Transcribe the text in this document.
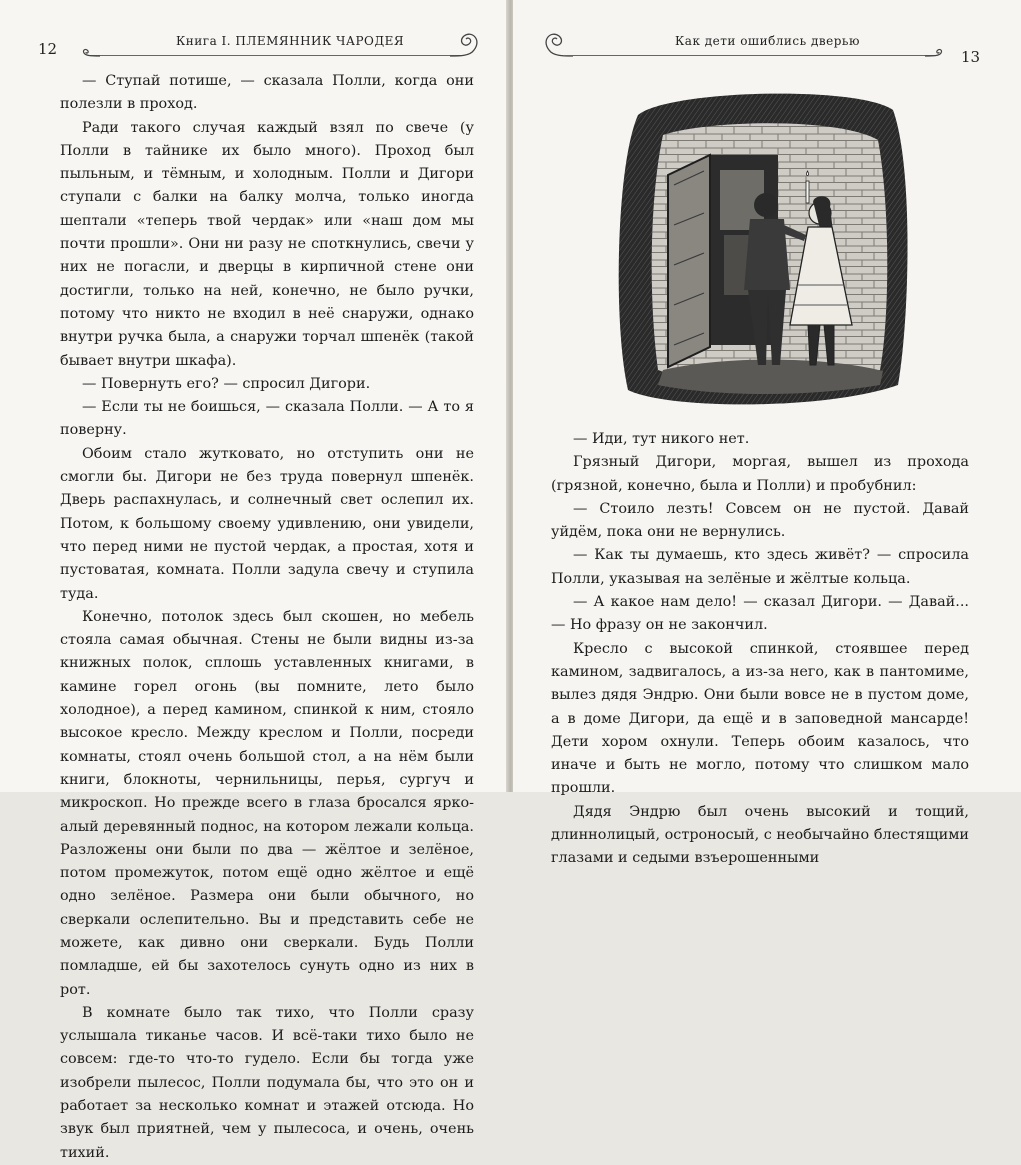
12	Книга I. ПЛЕМЯННИК ЧАРОДЕЯ

— Ступай потише, — сказала Полли, когда они полезли в проход.

Ради такого случая каждый взял по свече (у Полли в тайнике их было много). Проход был пыльным, и тёмным, и холодным. Полли и Дигори ступали с балки на балку молча, только иногда шептали «теперь твой чердак» или «наш дом мы почти прошли». Они ни разу не споткнулись, свечи у них не погасли, и дверцы в кирпичной стене они достигли, только на ней, конечно, не было ручки, потому что никто не входил в неё снаружи, однако внутри ручка была, а снаружи торчал шпенёк (такой бывает внутри шкафа).

— Повернуть его? — спросил Дигори.

— Если ты не боишься, — сказала Полли. — А то я поверну.

Обоим стало жутковато, но отступить они не смогли бы. Дигори не без труда повернул шпенёк. Дверь распахнулась, и солнечный свет ослепил их. Потом, к большому своему удивлению, они увидели, что перед ними не пустой чердак, а простая, хотя и пустоватая, комната. Полли задула свечу и ступила туда.

Конечно, потолок здесь был скошен, но мебель стояла самая обычная. Стены не были видны из-за книжных полок, сплошь уставленных книгами, в камине горел огонь (вы помните, лето было холодное), а перед камином, спинкой к ним, стояло высокое кресло. Между креслом и Полли, посреди комнаты, стоял очень большой стол, а на нём были книги, блокноты, чернильницы, перья, сургуч и микроскоп. Но прежде всего в глаза бросался ярко-алый деревянный поднос, на котором лежали кольца. Разложены они были по два — жёлтое и зелёное, потом промежуток, потом ещё одно жёлтое и ещё одно зелёное. Размера они были обычного, но сверкали ослепительно. Вы и представить себе не можете, как дивно они сверкали. Будь Полли помладше, ей бы захотелось сунуть одно из них в рот.

В комнате было так тихо, что Полли сразу услышала тиканье часов. И всё-таки тихо было не совсем: где-то что-то гудело. Если бы тогда уже изобрели пылесос, Полли подумала бы, что это он и работает за несколько комнат и этажей отсюда. Но звук был приятней, чем у пылесоса, и очень, очень тихий.

Как дети ошиблись дверью
13

— Иди, тут никого нет.

Грязный Дигори, моргая, вышел из прохода (грязной, конечно, была и Полли) и пробубнил:

— Стоило лезть! Совсем он не пустой. Давай уйдём, пока они не вернулись.

— Как ты думаешь, кто здесь живёт? — спросила Полли, указывая на зелёные и жёлтые кольца.

— А какое нам дело! — сказал Дигори. — Давай... — Но фразу он не закончил.

Кресло с высокой спинкой, стоявшее перед камином, задвигалось, а из-за него, как в пантомиме, вылез дядя Эндрю. Они были вовсе не в пустом доме, а в доме Дигори, да ещё и в заповедной мансарде! Дети хором охнули. Теперь обоим казалось, что иначе и быть не могло, потому что слишком мало прошли.

Дядя Эндрю был очень высокий и тощий, длиннолицый, остроносый, с необычайно блестящими глазами и седыми взъерошенными
